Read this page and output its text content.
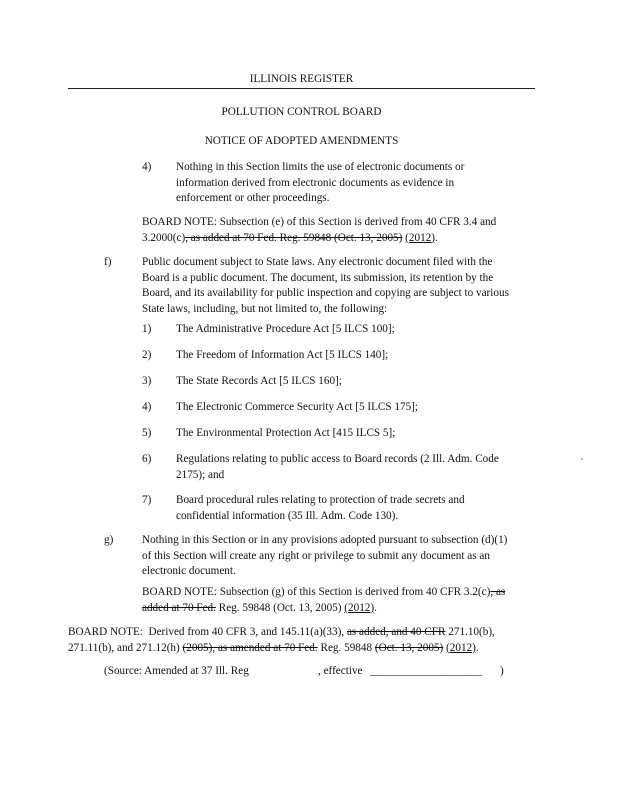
ILLINOIS REGISTER
POLLUTION CONTROL BOARD
NOTICE OF ADOPTED AMENDMENTS
4) Nothing in this Section limits the use of electronic documents or
information derived from electronic documents as evidence in
enforcement or other proceedings.
BOARD NOTE: Subsection (e) of this Section is derived from 40 CFR 3.4 and
3.2000(c), as added at 70 Fed. Reg. 59848 (Oct. 13, 2005) (2012).
f)	Public document subject to State laws. Any electronic document filed with the
Board is a public document. The document, its submission, its retention by the
Board, and its availability for public inspection and copying are subject to various
State laws, including, but not limited to, the following:
1) The Administrative Procedure Act [5 ILCS 100];
2) The Freedom of Information Act [5 ILCS 140];
3) The State Records Act [5 ILCS 160];
4) The Electronic Commerce Security Act [5 ILCS 175];
5) The Environmental Protection Act [415 ILCS 5];
6) Regulations relating to public access to Board records (2 Ill. Adm. Code
2175); and
7) Board procedural rules relating to protection of trade secrets and
confidential information (35 Ill. Adm. Code 130).
g)	Nothing in this Section or in any provisions adopted pursuant to subsection (d)(1)
of this Section will create any right or privilege to submit any document as an
electronic document.
BOARD NOTE: Subsection (g) of this Section is derived from 40 CFR 3.2(c), as
added at 70 Fed. Reg. 59848 (Oct. 13, 2005) (2012).
BOARD NOTE:  Derived from 40 CFR 3, and 145.11(a)(33), as added, and 40 CFR 271.10(b),
271.11(b), and 271.12(h) (2005), as amended at 70 Fed. Reg. 59848 (Oct. 13, 2005) (2012).
(Source: Amended at 37 Ill. Reg	, effective ____________________ )
